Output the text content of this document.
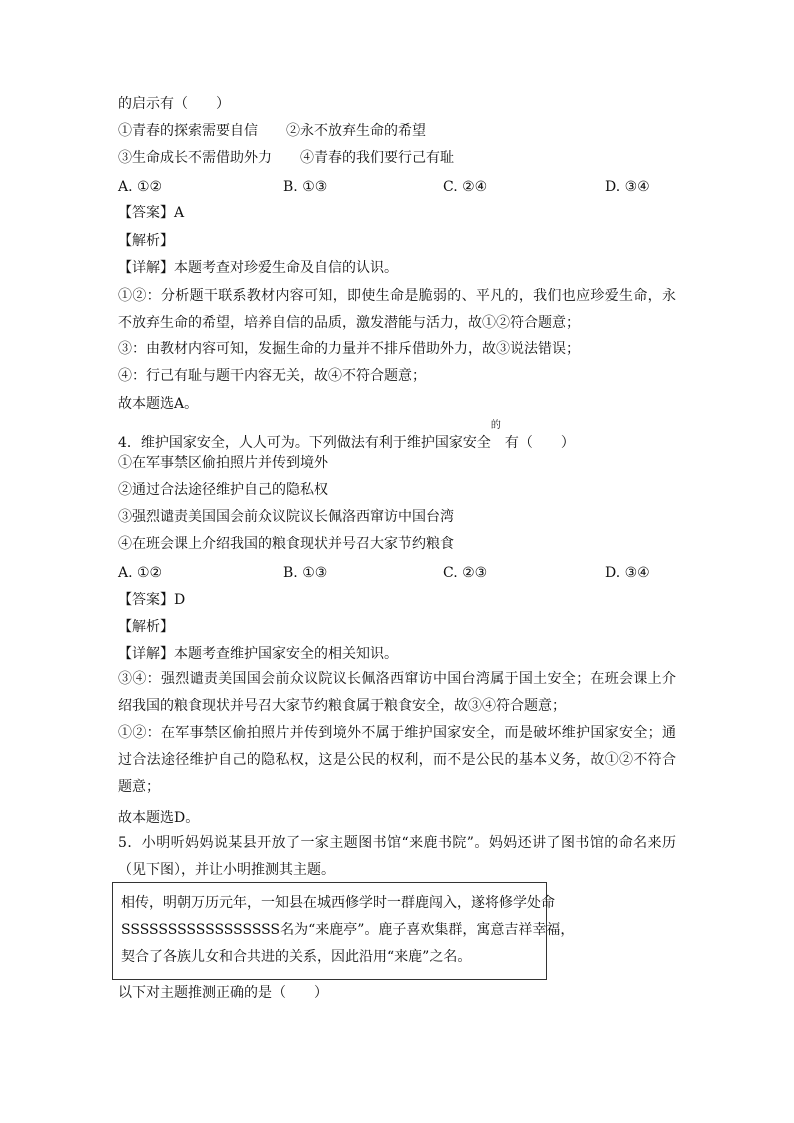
的启示有（　　）
①青春的探索需要自信　　②永不放弃生命的希望
③生命成长不需借助外力　　④青春的我们要行己有耻
A. ①②	B. ①③	C. ②④	D. ③④
【答案】A
【解析】
【详解】本题考查对珍爱生命及自信的认识。
①②：分析题干联系教材内容可知，即使生命是脆弱的、平凡的，我们也应珍爱生命，永不放弃生命的希望，培养自信的品质，激发潜能与活力，故①②符合题意；
③：由教材内容可知，发掘生命的力量并不排斥借助外力，故③说法错误；
④：行己有耻与题干内容无关，故④不符合题意；
故本题选A。
4．维护国家安全，人人可为。下列做法有利于维护国家安全
的
有（　　）
①在军事禁区偷拍照片并传到境外
②通过合法途径维护自己的隐私权
③强烈谴责美国国会前众议院议长佩洛西窜访中国台湾
④在班会课上介绍我国的粮食现状并号召大家节约粮食
A. ①②	B. ①③	C. ②③	D. ③④
【答案】D
【解析】
【详解】本题考查维护国家安全的相关知识。
③④：强烈谴责美国国会前众议院议长佩洛西窜访中国台湾属于国土安全；在班会课上介绍我国的粮食现状并号召大家节约粮食属于粮食安全，故③④符合题意；
①②：在军事禁区偷拍照片并传到境外不属于维护国家安全，而是破坏维护国家安全；通过合法途径维护自己的隐私权，这是公民的权利，而不是公民的基本义务，故①②不符合题意；
故本题选D。
5．小明听妈妈说某县开放了一家主题图书馆“来鹿书院”。妈妈还讲了图书馆的命名来历（见下图），并让小明推测其主题。
相传，明朝万历元年，一知县在城西修学时一群鹿闯入，遂将修学处命
SSSSSSSSSSSSSSSSS名为“来鹿亭”。鹿子喜欢集群，寓意吉祥幸福，
契合了各族儿女和合共进的关系，因此沿用“来鹿”之名。
以下对主题推测正确的是（　　）
